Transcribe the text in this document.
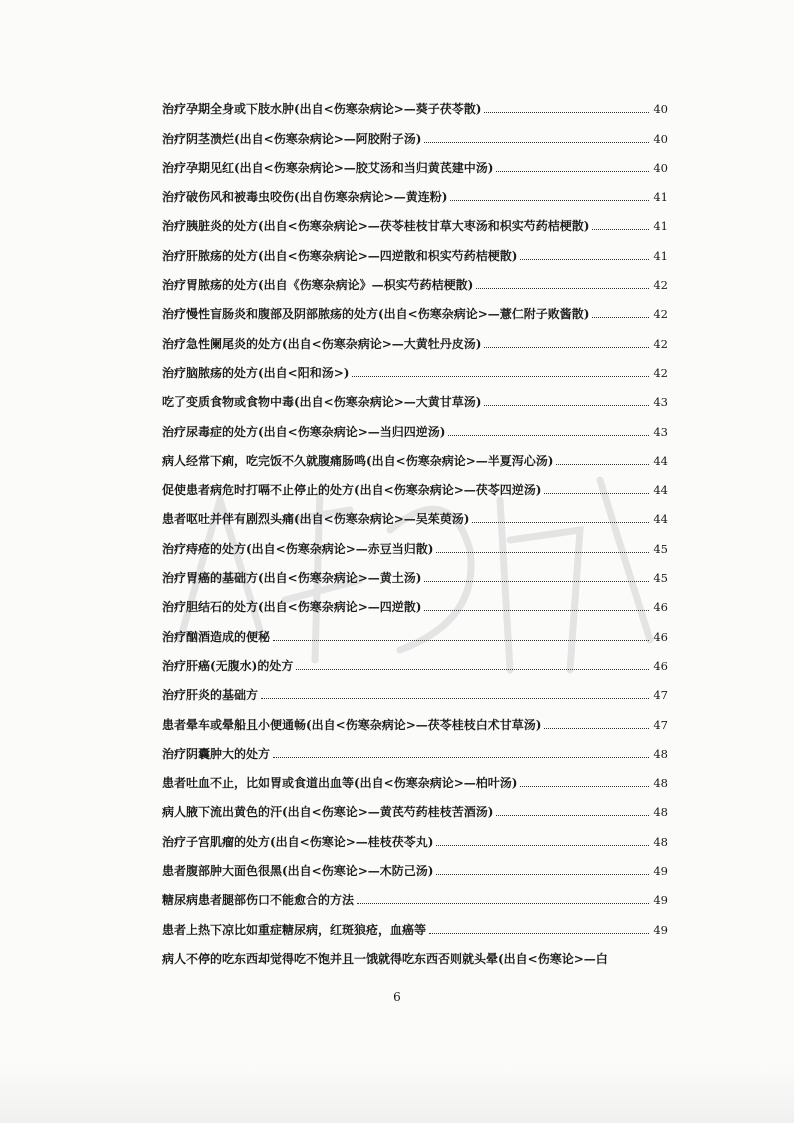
治疗孕期全身或下肢水肿(出自<伤寒杂病论>—葵子茯苓散)	40
治疗阴茎溃烂(出自<伤寒杂病论>—阿胶附子汤)	40
治疗孕期见红(出自<伤寒杂病论>—胶艾汤和当归黄芪建中汤)	40
治疗破伤风和被毒虫咬伤(出自伤寒杂病论>—黄连粉)	41
治疗胰脏炎的处方(出自<伤寒杂病论>—茯苓桂枝甘草大枣汤和枳实芍药桔梗散)	41
治疗肝脓疡的处方(出自<伤寒杂病论>—四逆散和枳实芍药桔梗散)	41
治疗胃脓疡的处方(出自《伤寒杂病论》—枳实芍药桔梗散)	42
治疗慢性盲肠炎和腹部及阴部脓疡的处方(出自<伤寒杂病论>—薏仁附子败酱散)	42
治疗急性阑尾炎的处方(出自<伤寒杂病论>—大黄牡丹皮汤)	42
治疗脑脓疡的处方(出自<阳和汤>)	42
吃了变质食物或食物中毒(出自<伤寒杂病论>—大黄甘草汤)	43
治疗尿毒症的处方(出自<伤寒杂病论>—当归四逆汤)	43
病人经常下痢，吃完饭不久就腹痛肠鸣(出自<伤寒杂病论>—半夏泻心汤)	44
促使患者病危时打嗝不止停止的处方(出自<伤寒杂病论>—茯苓四逆汤)	44
患者呕吐并伴有剧烈头痛(出自<伤寒杂病论>—吴茱萸汤)	44
治疗痔疮的处方(出自<伤寒杂病论>—赤豆当归散)	45
治疗胃癌的基础方(出自<伤寒杂病论>—黄土汤)	45
治疗胆结石的处方(出自<伤寒杂病论>—四逆散)	46
治疗酗酒造成的便秘	46
治疗肝癌(无腹水)的处方	46
治疗肝炎的基础方	47
患者晕车或晕船且小便通畅(出自<伤寒杂病论>—茯苓桂枝白术甘草汤)	47
治疗阴囊肿大的处方	48
患者吐血不止，比如胃或食道出血等(出自<伤寒杂病论>—柏叶汤)	48
病人腋下流出黄色的汗(出自<伤寒论>—黄芪芍药桂枝苦酒汤)	48
治疗子宫肌瘤的处方(出自<伤寒论>—桂枝茯苓丸)	48
患者腹部肿大面色很黑(出自<伤寒论>—木防己汤)	49
糖尿病患者腿部伤口不能愈合的方法	49
患者上热下凉比如重症糖尿病，红斑狼疮，血癌等	49
病人不停的吃东西却觉得吃不饱并且一饿就得吃东西否则就头晕(出自<伤寒论>—白
6
